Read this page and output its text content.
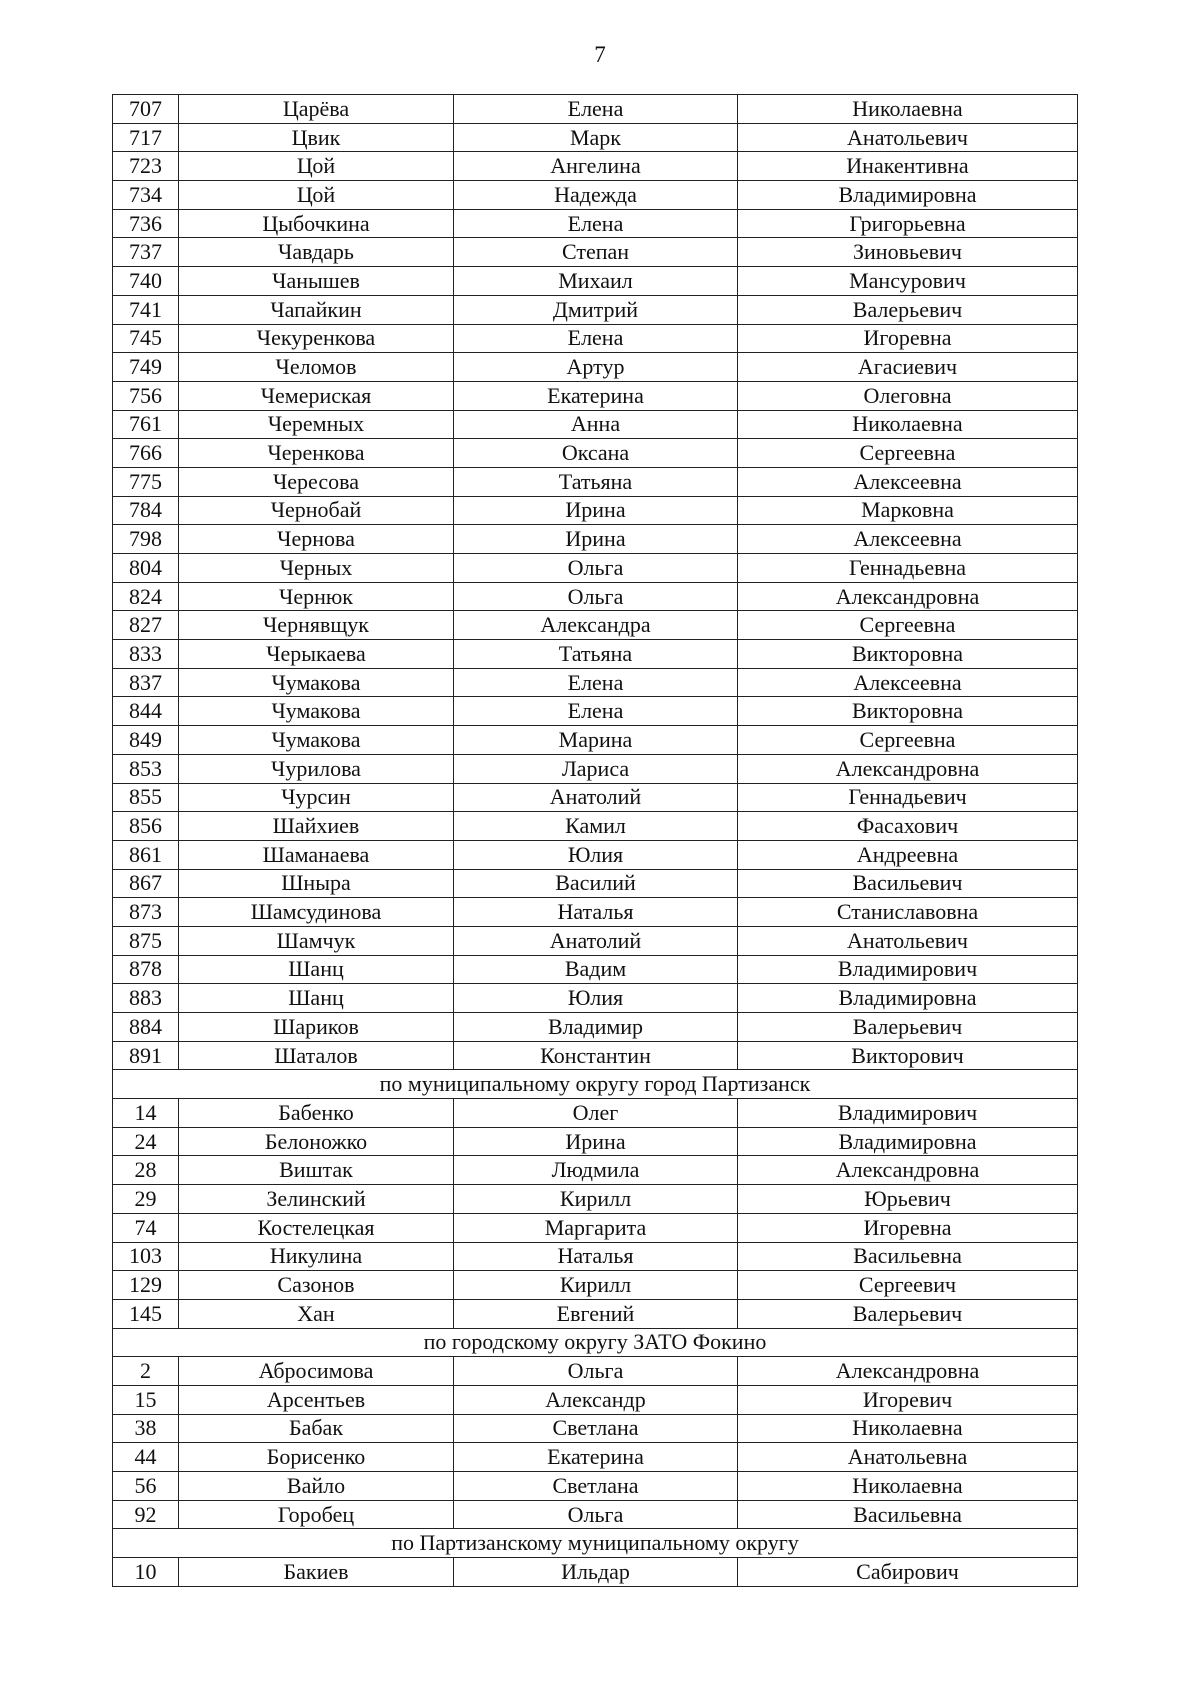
7
707	Царёва	Елена	Николаевна
717	Цвик	Марк	Анатольевич
723	Цой	Ангелина	Инакентивна
734	Цой	Надежда	Владимировна
736	Цыбочкина	Елена	Григорьевна
737	Чавдарь	Степан	Зиновьевич
740	Чанышев	Михаил	Мансурович
741	Чапайкин	Дмитрий	Валерьевич
745	Чекуренкова	Елена	Игоревна
749	Челомов	Артур	Агасиевич
756	Чемериская	Екатерина	Олеговна
761	Черемных	Анна	Николаевна
766	Черенкова	Оксана	Сергеевна
775	Чересова	Татьяна	Алексеевна
784	Чернобай	Ирина	Марковна
798	Чернова	Ирина	Алексеевна
804	Черных	Ольга	Геннадьевна
824	Чернюк	Ольга	Александровна
827	Чернявщук	Александра	Сергеевна
833	Черыкаева	Татьяна	Викторовна
837	Чумакова	Елена	Алексеевна
844	Чумакова	Елена	Викторовна
849	Чумакова	Марина	Сергеевна
853	Чурилова	Лариса	Александровна
855	Чурсин	Анатолий	Геннадьевич
856	Шайхиев	Камил	Фасахович
861	Шаманаева	Юлия	Андреевна
867	Шныра	Василий	Васильевич
873	Шамсудинова	Наталья	Станиславовна
875	Шамчук	Анатолий	Анатольевич
878	Шанц	Вадим	Владимирович
883	Шанц	Юлия	Владимировна
884	Шариков	Владимир	Валерьевич
891	Шаталов	Константин	Викторович
по муниципальному округу город Партизанск			
14	Бабенко	Олег	Владимирович
24	Белоножко	Ирина	Владимировна
28	Виштак	Людмила	Александровна
29	Зелинский	Кирилл	Юрьевич
74	Костелецкая	Маргарита	Игоревна
103	Никулина	Наталья	Васильевна
129	Сазонов	Кирилл	Сергеевич
145	Хан	Евгений	Валерьевич
по городскому округу ЗАТО Фокино			
2	Абросимова	Ольга	Александровна
15	Арсентьев	Александр	Игоревич
38	Бабак	Светлана	Николаевна
44	Борисенко	Екатерина	Анатольевна
56	Вайло	Светлана	Николаевна
92	Горобец	Ольга	Васильевна
по Партизанскому муниципальному округу			
10	Бакиев	Ильдар	Сабирович
